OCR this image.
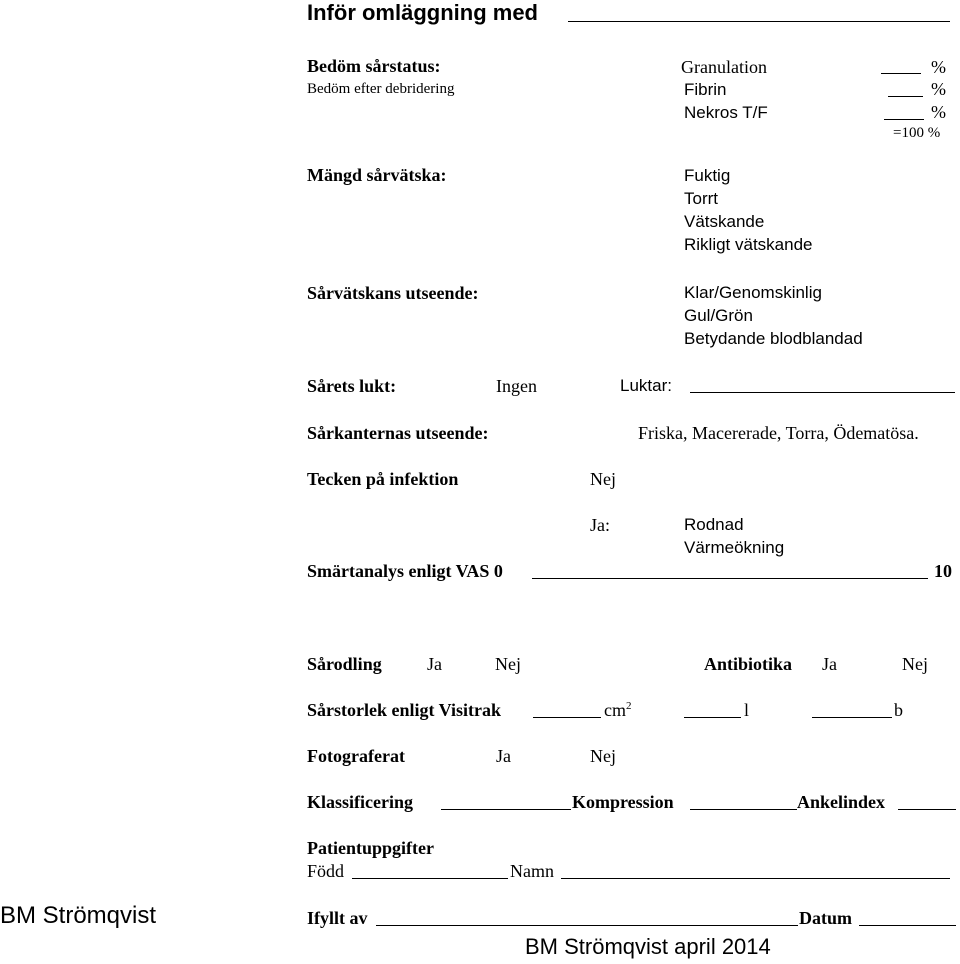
Inför omläggning med
Bedöm sårstatus:
Bedöm efter debridering
Granulation	%
Fibrin	%
Nekros T/F	%
=100 %
Mängd sårvätska:	Fuktig
Torrt
Vätskande
Rikligt vätskande
Sårvätskans utseende:	Klar/Genomskinlig
Gul/Grön
Betydande blodblandad
Sårets lukt:	Ingen	Luktar:
Sårkanternas utseende:	Friska, Macererade, Torra, Ödematösa.
Tecken på infektion	Nej
Ja:	Rodnad
Värmeökning
Smärtanalys enligt VAS 0	10
Sårodling	Ja	Nej	Antibiotika Ja	Nej
Sårstorlek enligt Visitrak	$cm^2$	l	b
Fotograferat	Ja	Nej
Klassificering	Kompression	Ankelindex
Patientuppgifter
Född	Namn
BM Strömqvist	Ifyllt av	Datum
BM Strömqvist april 2014
